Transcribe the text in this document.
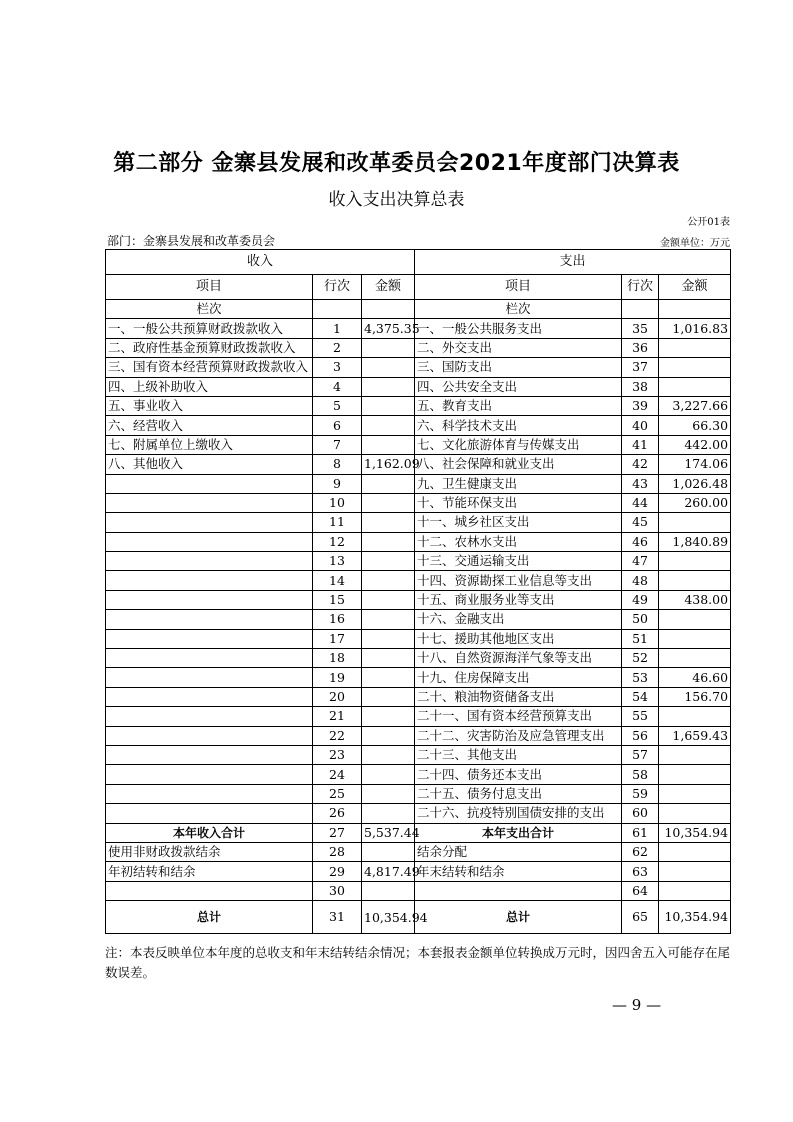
第二部分 金寨县发展和改革委员会2021年度部门决算表
收入支出决算总表
公开01表
部门：金寨县发展和改革委员会	金额单位：万元
收入			支出		
项目	行次	金额	项目	行次	金额
栏次			栏次		
一、一般公共预算财政拨款收入	1	4,375.35	一、一般公共服务支出	35	1,016.83
二、政府性基金预算财政拨款收入	2		二、外交支出	36	
三、国有资本经营预算财政拨款收入	3		三、国防支出	37	
四、上级补助收入	4		四、公共安全支出	38	
五、事业收入	5		五、教育支出	39	3,227.66
六、经营收入	6		六、科学技术支出	40	66.30
七、附属单位上缴收入	7		七、文化旅游体育与传媒支出	41	442.00
八、其他收入	8	1,162.09	八、社会保障和就业支出	42	174.06
	9		九、卫生健康支出	43	1,026.48
	10		十、节能环保支出	44	260.00
	11		十一、城乡社区支出	45	
	12		十二、农林水支出	46	1,840.89
	13		十三、交通运输支出	47	
	14		十四、资源勘探工业信息等支出	48	
	15		十五、商业服务业等支出	49	438.00
	16		十六、金融支出	50	
	17		十七、援助其他地区支出	51	
	18		十八、自然资源海洋气象等支出	52	
	19		十九、住房保障支出	53	46.60
	20		二十、粮油物资储备支出	54	156.70
	21		二十一、国有资本经营预算支出	55	
	22		二十二、灾害防治及应急管理支出	56	1,659.43
	23		二十三、其他支出	57	
	24		二十四、债务还本支出	58	
	25		二十五、债务付息支出	59	
	26		二十六、抗疫特别国债安排的支出	60	
本年收入合计	27	5,537.44	本年支出合计	61	10,354.94
使用非财政拨款结余	28		结余分配	62	
年初结转和结余	29	4,817.49	年末结转和结余	63	
	30			64	
总计	31	10,354.94	总计	65	10,354.94
注：本表反映单位本年度的总收支和年末结转结余情况；本套报表金额单位转换成万元时，因四舍五入可能存在尾数误差。
— 9 —
